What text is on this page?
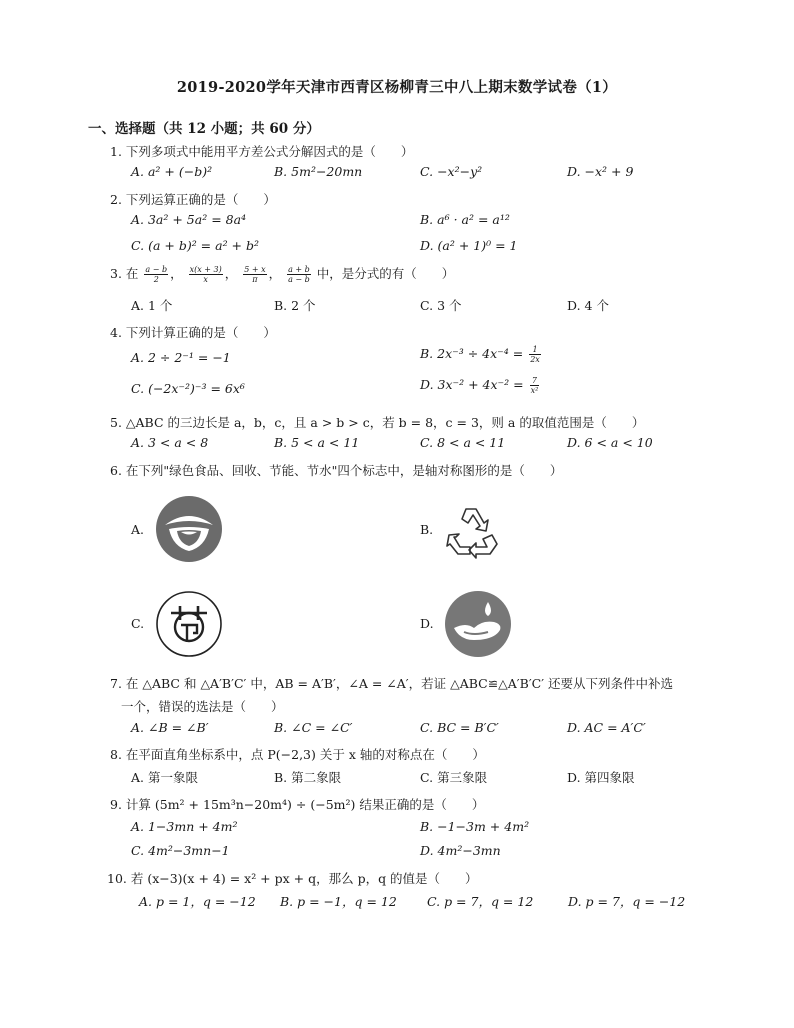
2019-2020学年天津市西青区杨柳青三中八上期末数学试卷（1）
一、选择题（共 12 小题；共 60 分）
1. 下列多项式中能用平方差公式分解因式的是（　　）
A. a² + (−b)²	B. 5m²−20mn	C. −x²−y²	D. −x² + 9
2. 下列运算正确的是（　　）
A. 3a² + 5a² = 8a⁴	B. a⁶ · a² = a¹²
C. (a + b)² = a² + b²	D. (a² + 1)⁰ = 1
3. 在 $\frac{a - b}{2}$ ， $\frac{x(x + 3)}{x}$ ， $\frac{5 + x}{\pi}$ ， $\frac{a + b}{a - b}$ 中，是分式的有（　　）
A. 1 个	B. 2 个	C. 3 个	D. 4 个
4. 下列计算正确的是（　　）
A. 2 ÷ 2⁻¹ = −1	B. $2x^{-3} \div 4x^{-4} = \frac{1}{2x}$
C. (−2x⁻²)⁻³ = 6x⁶	D. $3x^{-2} + 4x^{-2} = \frac{7}{\text{x²}}$
5. △ABC 的三边长是 a，b，c，且 a > b > c，若 b = 8，c = 3，则 a 的取值范围是（　　）
A. 3 < a < 8	B. 5 < a < 11	C. 8 < a < 11	D. 6 < a < 10
6. 在下列"绿色食品、回收、节能、节水"四个标志中，是轴对称图形的是（　　）
A.	B.
C.	D.
7. 在 △ABC 和 △A′B′C′ 中，AB = A′B′，∠A = ∠A′，若证 △ABC≌△A′B′C′ 还要从下列条件中补选
一个，错误的选法是（　　）
A. ∠B = ∠B′	B. ∠C = ∠C′	C. BC = B′C′	D. AC = A′C′
8. 在平面直角坐标系中，点 P(−2,3) 关于 x 轴的对称点在（　　）
A. 第一象限	B. 第二象限	C. 第三象限	D. 第四象限
9. 计算 (5m² + 15m³n−20m⁴) ÷ (−5m²) 结果正确的是（　　）
A. 1−3mn + 4m²	B. −1−3m + 4m²
C. 4m²−3mn−1	D. 4m²−3mn
10. 若 (x−3)(x + 4) = x² + px + q，那么 p，q 的值是（　　）
A. p = 1，q = −12 B. p = −1，q = 12 C. p = 7，q = 12	D. p = 7，q = −12
